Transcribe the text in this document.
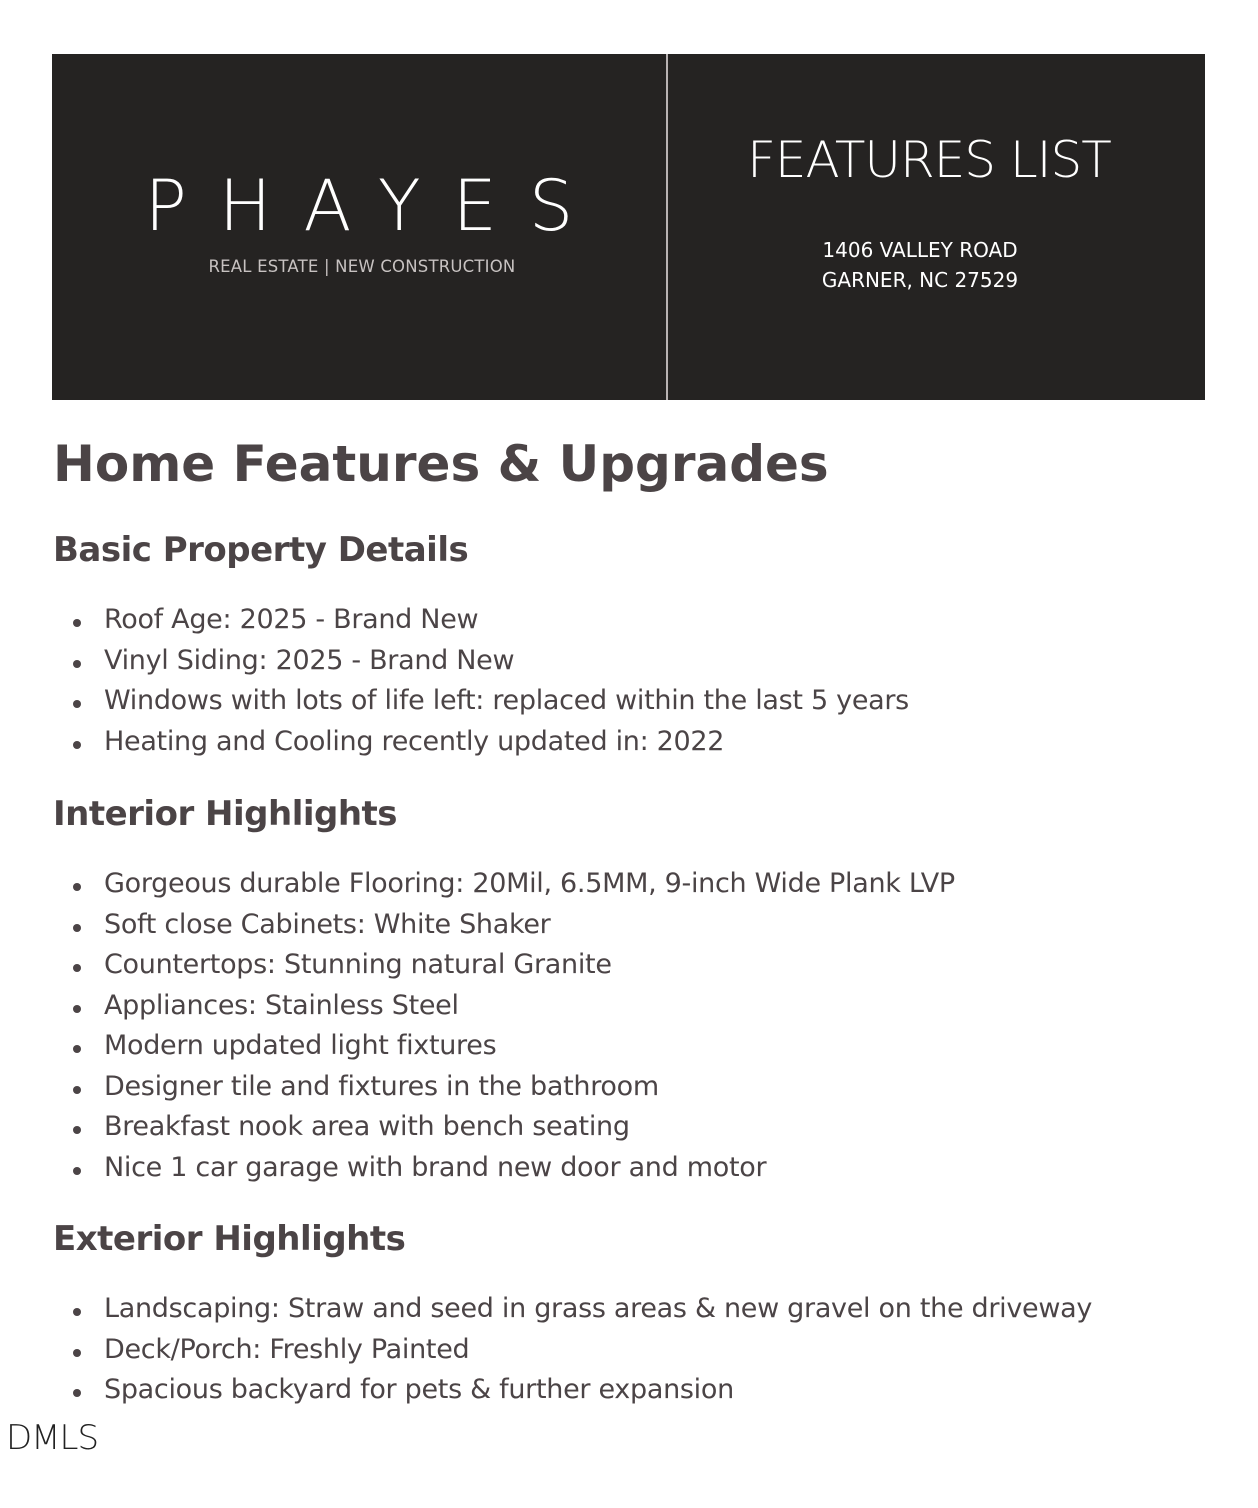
PHAYES
REAL ESTATE | NEW CONSTRUCTION
FEATURES LIST
1406 VALLEY ROAD
GARNER, NC 27529
Home Features & Upgrades
Basic Property Details
Roof Age: 2025 - Brand New
Vinyl Siding: 2025 - Brand New
Windows with lots of life left: replaced within the last 5 years
Heating and Cooling recently updated in: 2022
Interior Highlights
Gorgeous durable Flooring: 20Mil, 6.5MM, 9-inch Wide Plank LVP
Soft close Cabinets: White Shaker
Countertops: Stunning natural Granite
Appliances: Stainless Steel
Modern updated light fixtures
Designer tile and fixtures in the bathroom
Breakfast nook area with bench seating
Nice 1 car garage with brand new door and motor
Exterior Highlights
Landscaping: Straw and seed in grass areas & new gravel on the driveway
Deck/Porch: Freshly Painted
Spacious backyard for pets & further expansion
DMLS
